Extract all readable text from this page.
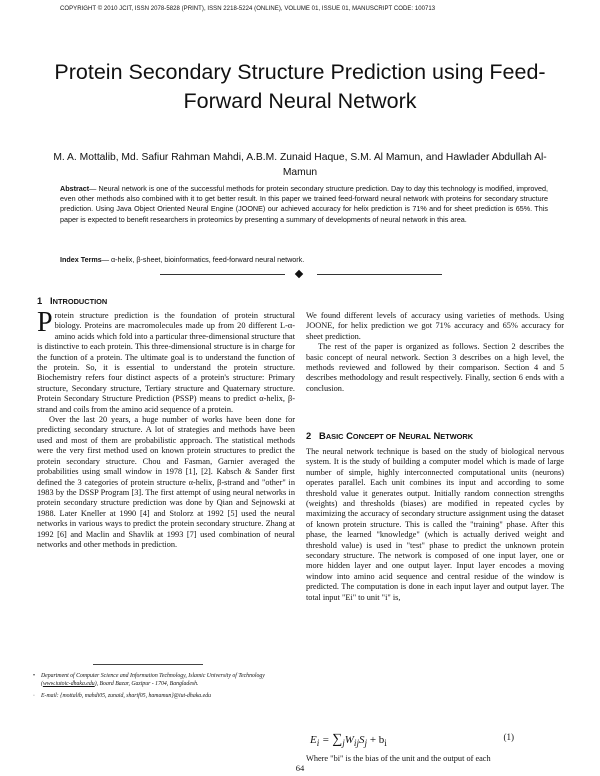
COPYRIGHT © 2010 JCIT, ISSN 2078-5828 (PRINT), ISSN 2218-5224 (ONLINE), VOLUME 01, ISSUE 01, MANUSCRIPT CODE: 100713
Protein Secondary Structure Prediction using Feed-Forward Neural Network
M. A. Mottalib, Md. Safiur Rahman Mahdi, A.B.M. Zunaid Haque, S.M. Al Mamun, and Hawlader Abdullah Al-Mamun
Abstract— Neural network is one of the successful methods for protein secondary structure prediction. Day to day this technology is modified, improved, even other methods also combined with it to get better result. In this paper we trained feed-forward neural network with proteins for secondary structure prediction. Using Java Object Oriented Neural Engine (JOONE) our achieved accuracy for helix prediction is 71% and for sheet prediction is 65%. This paper is expected to benefit researchers in proteomics by presenting a summary of developments of neural network in this area.
Index Terms— α-helix, β-sheet, bioinformatics, feed-forward neural network.
1 INTRODUCTION

Protein structure prediction is the foundation of protein structural biology. Proteins are macromolecules made up from 20 different L-α-amino acids which fold into a particular three-dimensional structure that is distinctive to each protein. This three-dimensional structure is in charge for the function of a protein. The ultimate goal is to understand the function of the protein. So, it is essential to understand the protein structure. Biochemistry refers four distinct aspects of a protein's structure: Primary structure, Secondary structure, Tertiary structure and Quaternary structure. Protein Secondary Structure Prediction (PSSP) means to predict α-helix, β-strand and coils from the amino acid sequence of a protein.

Over the last 20 years, a huge number of works have been done for predicting secondary structure. A lot of strategies and methods have been used and most of them are probabilistic approach. The statistical methods were the very first method used on known protein structures to predict the protein secondary structure. Chou and Fasman, Garnier averaged the probabilities using small window in 1978 [1], [2]. Kabsch & Sander first defined the 3 categories of protein structure α-helix, β-strand and "other" in 1983 by the DSSP Program [3]. The first attempt of using neural networks in protein secondary structure prediction was done by Qian and Sejnowski at 1988. Later Kneller at 1990 [4] and Stolorz at 1992 [5] used the neural networks in various ways to predict the protein secondary structure. Zhang at 1992 [6] and Maclin and Shavlik at 1993 [7] used combination of neural networks and other methods in prediction.

• Department of Computer Science and Information Technology, Islamic University of Technology (www.iutoic-dhaka.edu), Board Bazar, Gazipur - 1704, Bangladesh.

· E-mail: {mottalib, mahdi05, zunaid, sharif05, hamamun}@iut-dhaka.edu

We found different levels of accuracy using varieties of methods. Using JOONE, for helix prediction we got 71% accuracy and 65% accuracy for sheet prediction.

The rest of the paper is organized as follows. Section 2 describes the basic concept of neural network. Section 3 describes on a high level, the methods reviewed and followed by their comparison. Section 4 and 5 describes methodology and result respectively. Finally, section 6 ends with a conclusion.

2 BASIC CONCEPT OF NEURAL NETWORK

The neural network technique is based on the study of biological nervous system. It is the study of building a computer model which is made of large number of simple, highly interconnected computational units (neurons) operates parallel. Each unit combines its input and according to some threshold value it generates output. Initially random connection strengths (weights) and thresholds (biases) are modified in repeated cycles by maximizing the accuracy of secondary structure assignment using the dataset of known protein structure. This is called the "training" phase. After this phase, the learned "knowledge" (which is actually derived weight and threshold value) is used in "test" phase to predict the unknown protein secondary structure. The network is composed of one input layer, one or more hidden layer and one output layer. Input layer encodes a moving window into amino acid sequence and central residue of the window is predicted. The computation is done in each input layer and output layer. The total input "Ei" to unit "i" is,

$E_i = \sum_jW_{ij}S_j + b_i$
(1)

Where "bi" is the bias of the unit and the output of each

64
